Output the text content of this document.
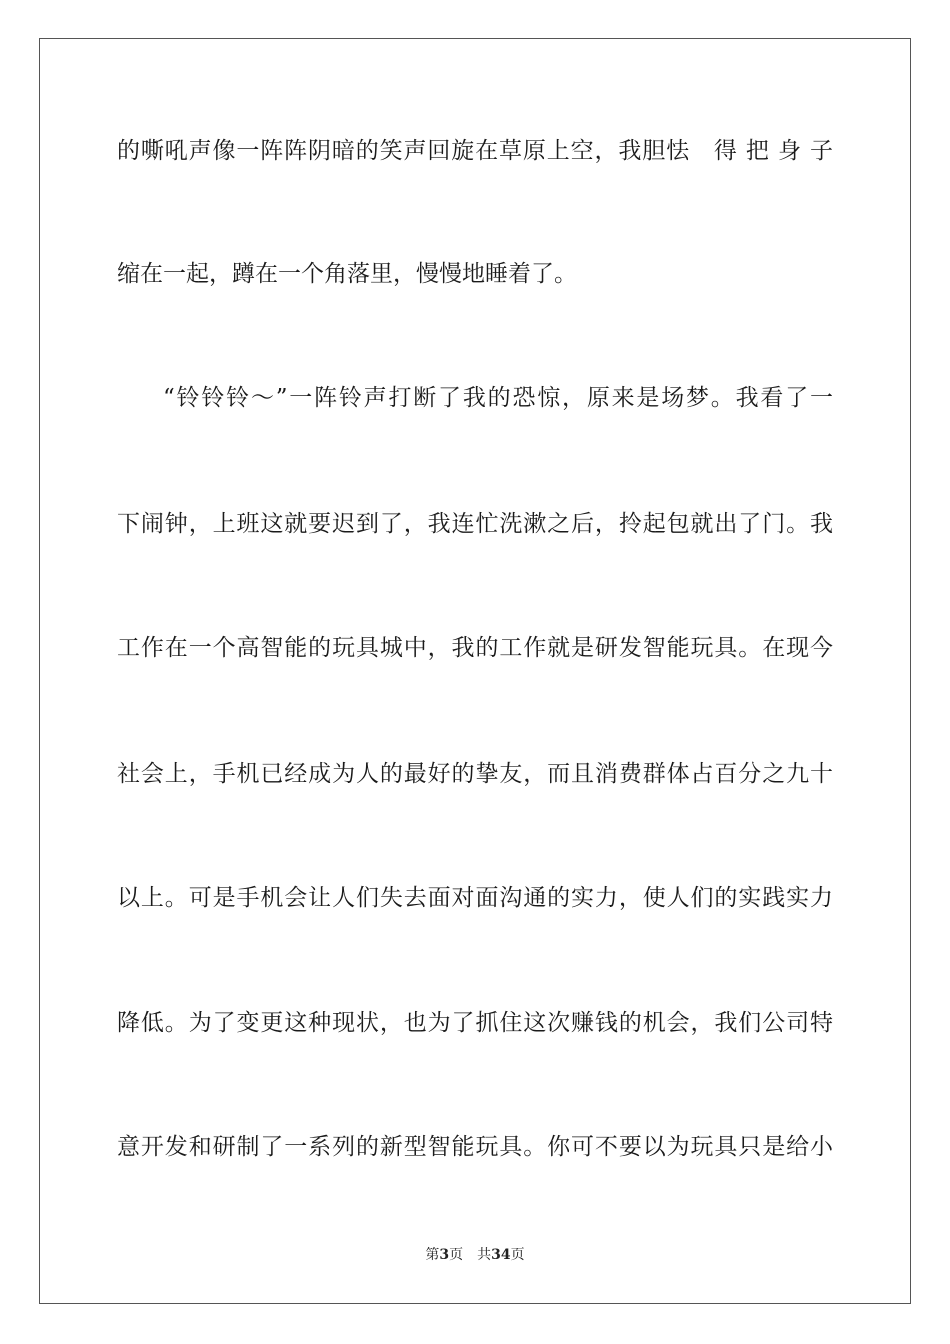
的嘶吼声像一阵阵阴暗的笑声回旋在草原上空，我胆怯　得 把 身 子
缩在一起，蹲在一个角落里，慢慢地睡着了。
“铃铃铃～”一阵铃声打断了我的恐惊，原来是场梦。我看了一
下闹钟，上班这就要迟到了，我连忙洗漱之后，拎起包就出了门。我
工作在一个高智能的玩具城中，我的工作就是研发智能玩具。在现今
社会上，手机已经成为人的最好的挚友，而且消费群体占百分之九十
以上。可是手机会让人们失去面对面沟通的实力，使人们的实践实力
降低。为了变更这种现状，也为了抓住这次赚钱的机会，我们公司特
意开发和研制了一系列的新型智能玩具。你可不要以为玩具只是给小
第3页 共34页
